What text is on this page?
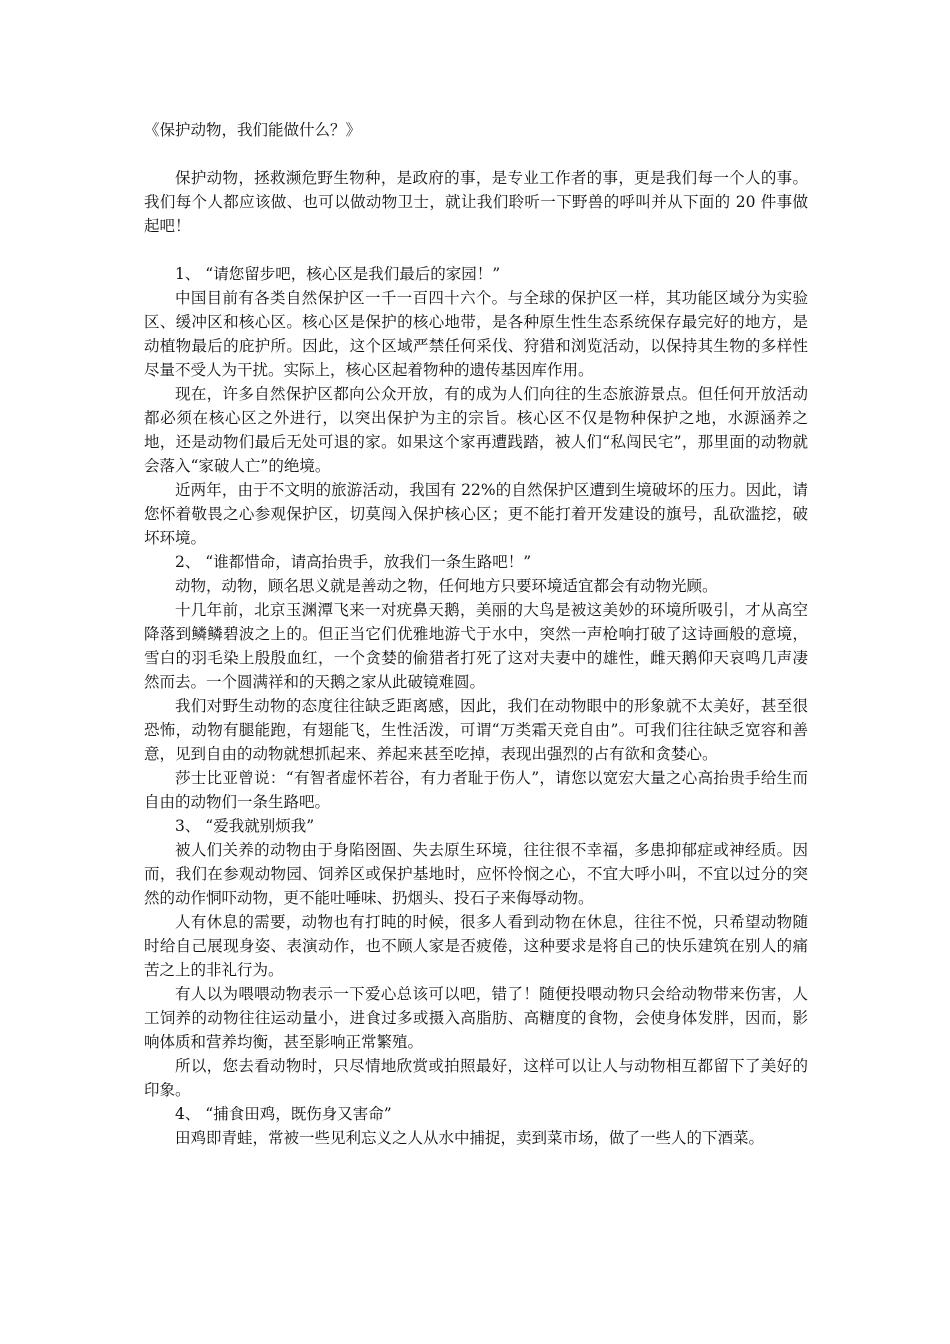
《保护动物，我们能做什么？》

保护动物，拯救濒危野生物种，是政府的事，是专业工作者的事，更是我们每一个人的事。我们每个人都应该做、也可以做动物卫士，就让我们聆听一下野兽的呼叫并从下面的 20 件事做起吧！

1、 “请您留步吧，核心区是我们最后的家园！”

中国目前有各类自然保护区一千一百四十六个。与全球的保护区一样，其功能区域分为实验区、缓冲区和核心区。核心区是保护的核心地带，是各种原生性生态系统保存最完好的地方，是动植物最后的庇护所。因此，这个区域严禁任何采伐、狩猎和浏览活动，以保持其生物的多样性尽量不受人为干扰。实际上，核心区起着物种的遗传基因库作用。

现在，许多自然保护区都向公众开放，有的成为人们向往的生态旅游景点。但任何开放活动都必须在核心区之外进行，以突出保护为主的宗旨。核心区不仅是物种保护之地，水源涵养之地，还是动物们最后无处可退的家。如果这个家再遭践踏，被人们“私闯民宅”，那里面的动物就会落入“家破人亡”的绝境。

近两年，由于不文明的旅游活动，我国有 22%的自然保护区遭到生境破坏的压力。因此，请您怀着敬畏之心参观保护区，切莫闯入保护核心区；更不能打着开发建设的旗号，乱砍滥挖，破坏环境。

2、 “谁都惜命，请高抬贵手，放我们一条生路吧！”

动物，动物，顾名思义就是善动之物，任何地方只要环境适宜都会有动物光顾。

十几年前，北京玉渊潭飞来一对疣鼻天鹅，美丽的大鸟是被这美妙的环境所吸引，才从高空降落到鳞鳞碧波之上的。但正当它们优雅地游弋于水中，突然一声枪响打破了这诗画般的意境，雪白的羽毛染上殷殷血红，一个贪婪的偷猎者打死了这对夫妻中的雄性，雌天鹅仰天哀鸣几声凄然而去。一个圆满祥和的天鹅之家从此破镜难圆。

我们对野生动物的态度往往缺乏距离感，因此，我们在动物眼中的形象就不太美好，甚至很恐怖，动物有腿能跑，有翅能飞，生性活泼，可谓“万类霜天竞自由”。可我们往往缺乏宽容和善意，见到自由的动物就想抓起来、养起来甚至吃掉，表现出强烈的占有欲和贪婪心。

莎士比亚曾说：“有智者虚怀若谷，有力者耻于伤人”，请您以宽宏大量之心高抬贵手给生而自由的动物们一条生路吧。

3、 “爱我就别烦我”

被人们关养的动物由于身陷囹圄、失去原生环境，往往很不幸福，多患抑郁症或神经质。因而，我们在参观动物园、饲养区或保护基地时，应怀怜悯之心，不宜大呼小叫，不宜以过分的突然的动作恫吓动物，更不能吐唾味、扔烟头、投石子来侮辱动物。

人有休息的需要，动物也有打盹的时候，很多人看到动物在休息，往往不悦，只希望动物随时给自己展现身姿、表演动作，也不顾人家是否疲倦，这种要求是将自己的快乐建筑在别人的痛苦之上的非礼行为。

有人以为喂喂动物表示一下爱心总该可以吧，错了！随便投喂动物只会给动物带来伤害，人工饲养的动物往往运动量小，进食过多或摄入高脂肪、高糖度的食物，会使身体发胖，因而，影响体质和营养均衡，甚至影响正常繁殖。

所以，您去看动物时，只尽情地欣赏或拍照最好，这样可以让人与动物相互都留下了美好的印象。

4、 “捕食田鸡，既伤身又害命”

田鸡即青蛙，常被一些见利忘义之人从水中捕捉，卖到菜市场，做了一些人的下酒菜。
